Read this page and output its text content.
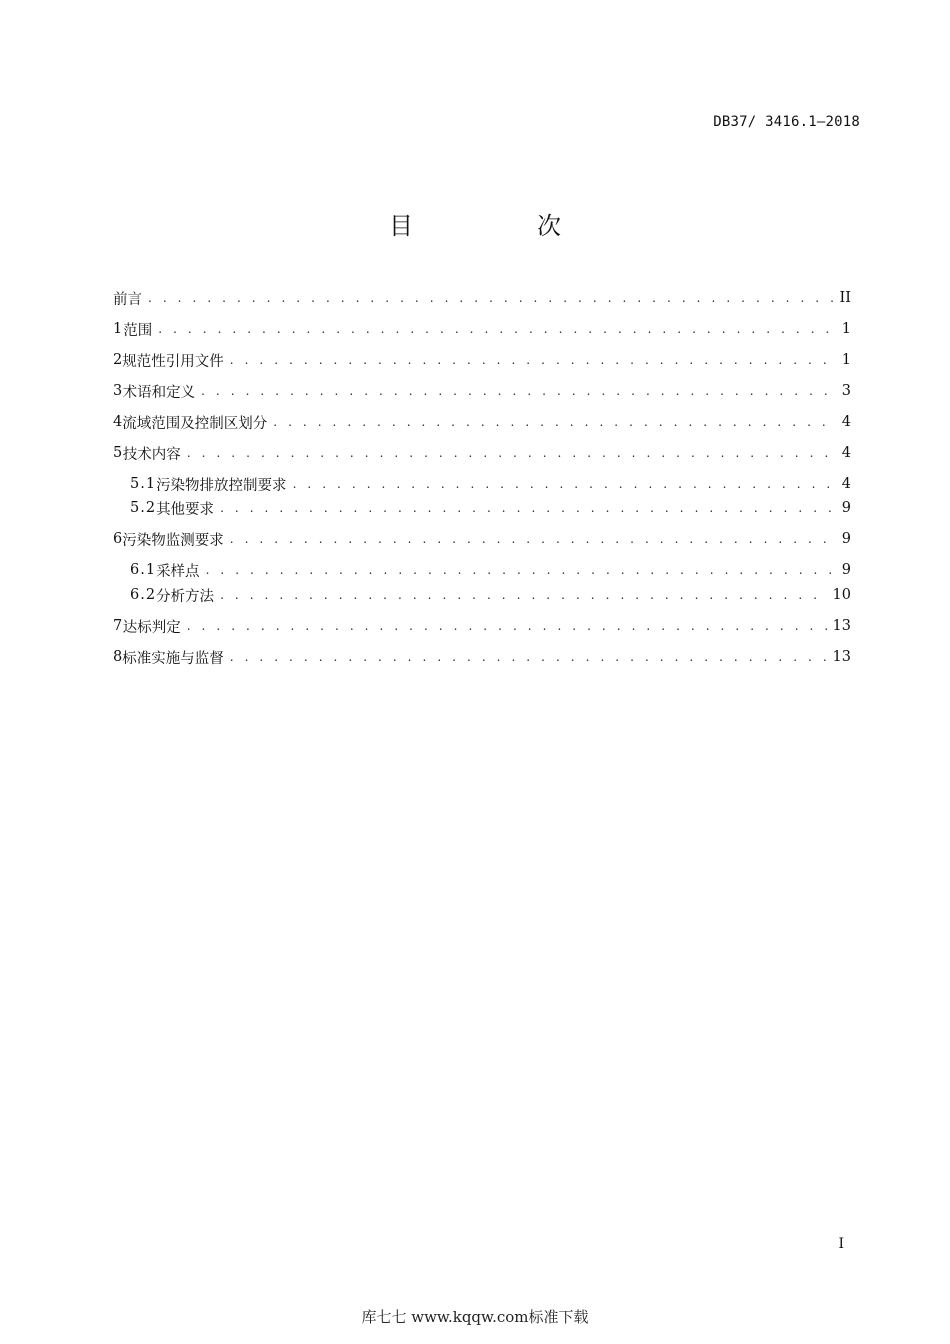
DB37/ 3416.1—2018
目　次
前言 . . .	II
1 范围 . . .	1
2 规范性引用文件 . . .	1
3 术语和定义 . . .	3
4 流域范围及控制区划分 . . .	4
5 技术内容 . . .	4
5.1 污染物排放控制要求 . . .	4
5.2 其他要求 . . .	9
6 污染物监测要求 . . .	9
6.1 采样点 . . .	9
6.2 分析方法 . . .	10
7 达标判定 . . .	13
8 标准实施与监督 . . .	13
I
库七七 www.kqqw.com标准下载
